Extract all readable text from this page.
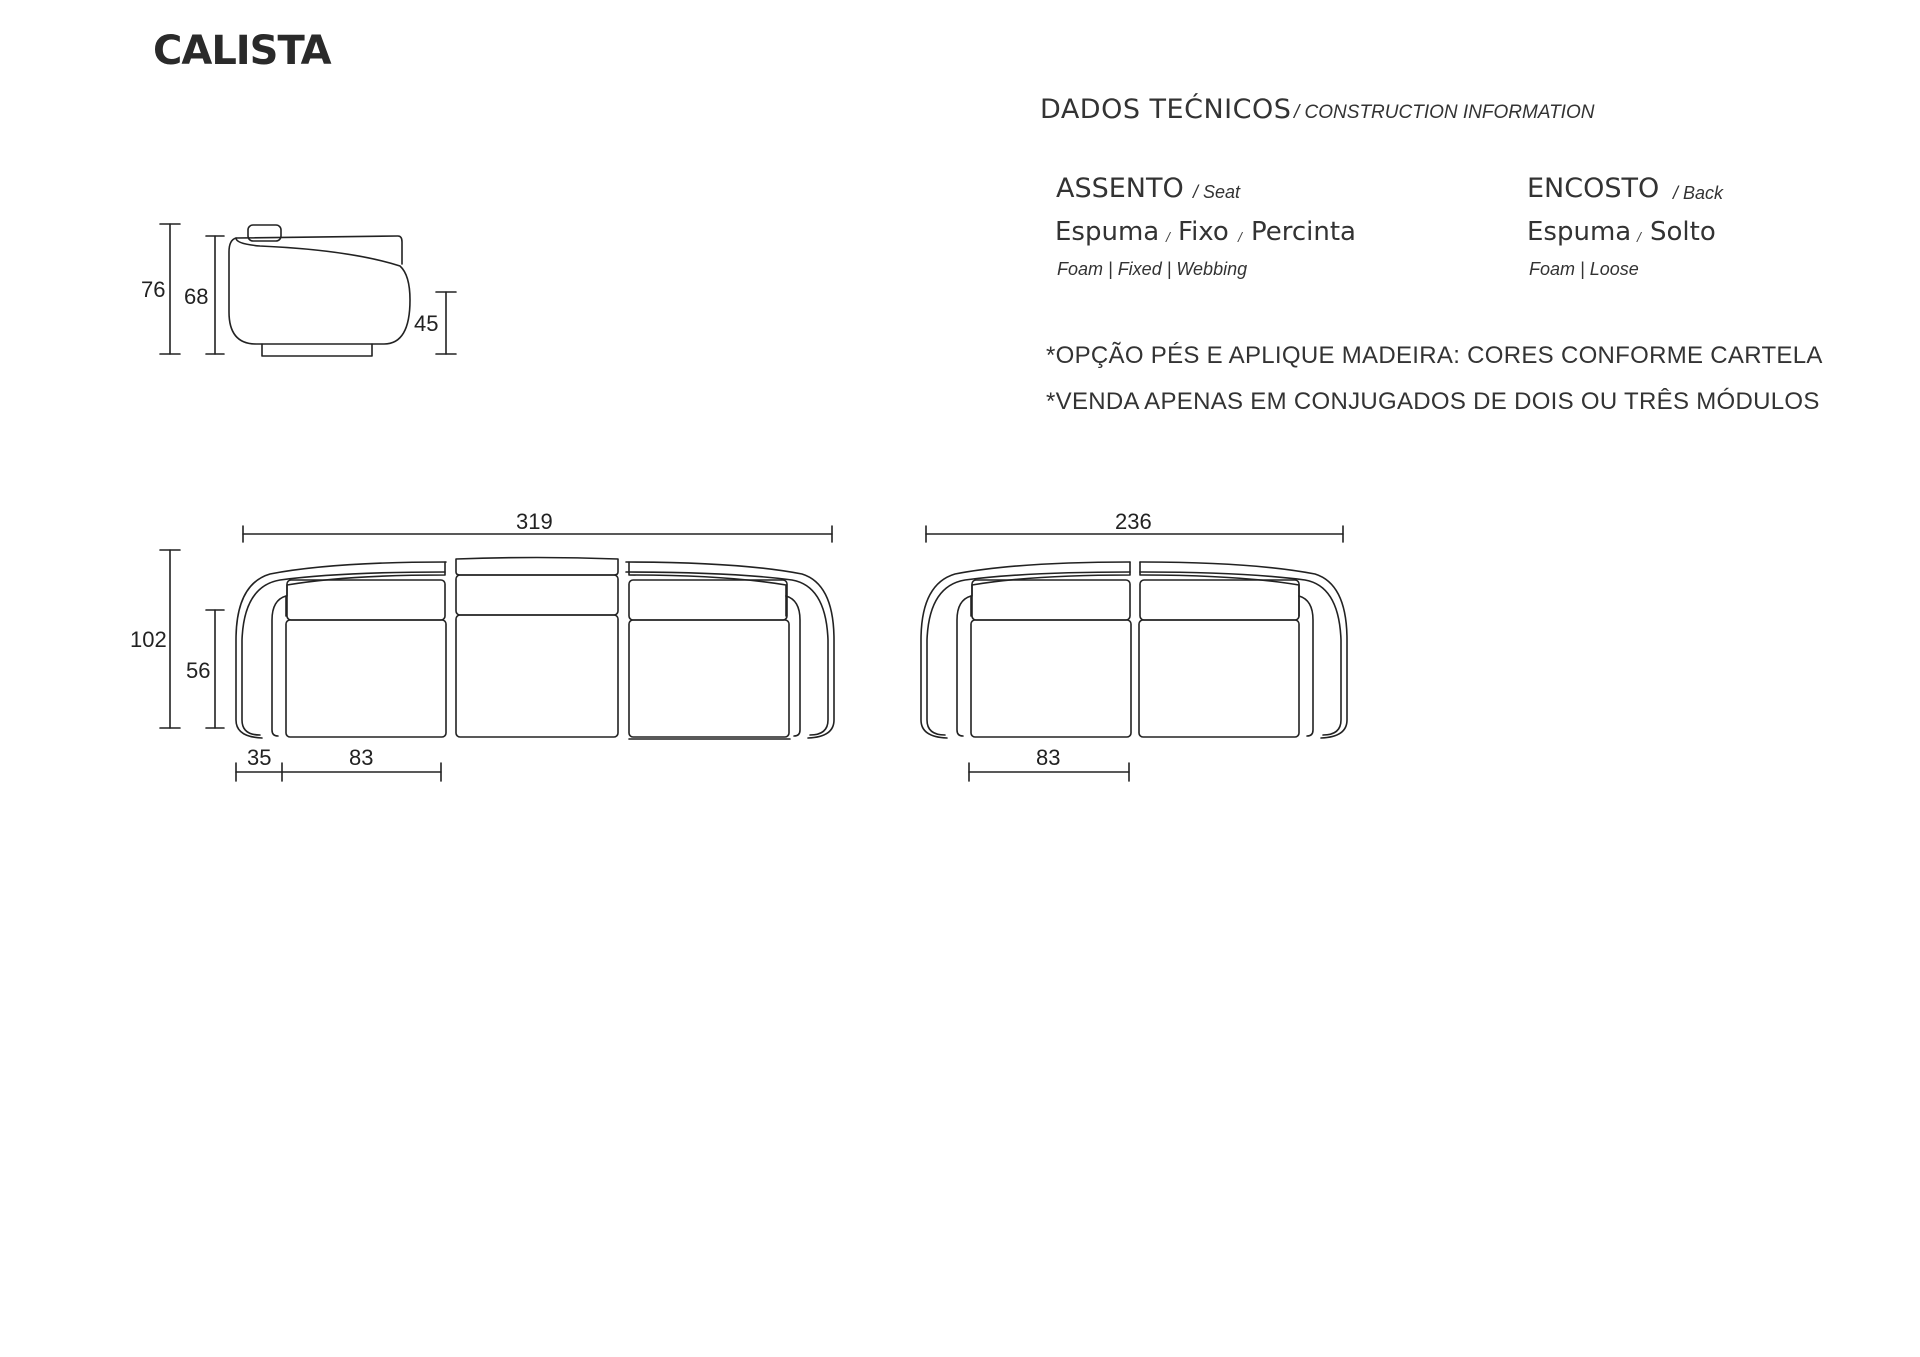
CALISTA
DADOS TEĆNICOS / CONSTRUCTION INFORMATION
ASSENTO / Seat
Espuma / Fixo / Percinta
Foam | Fixed | Webbing
ENCOSTO / Back
Espuma / Solto
Foam | Loose
*OPÇÃO PÉS E APLIQUE MADEIRA: CORES CONFORME CARTELA
*VENDA APENAS EM CONJUGADOS DE DOIS OU TRÊS MÓDULOS
76 68
45
319
102
56
35	83
236
83
